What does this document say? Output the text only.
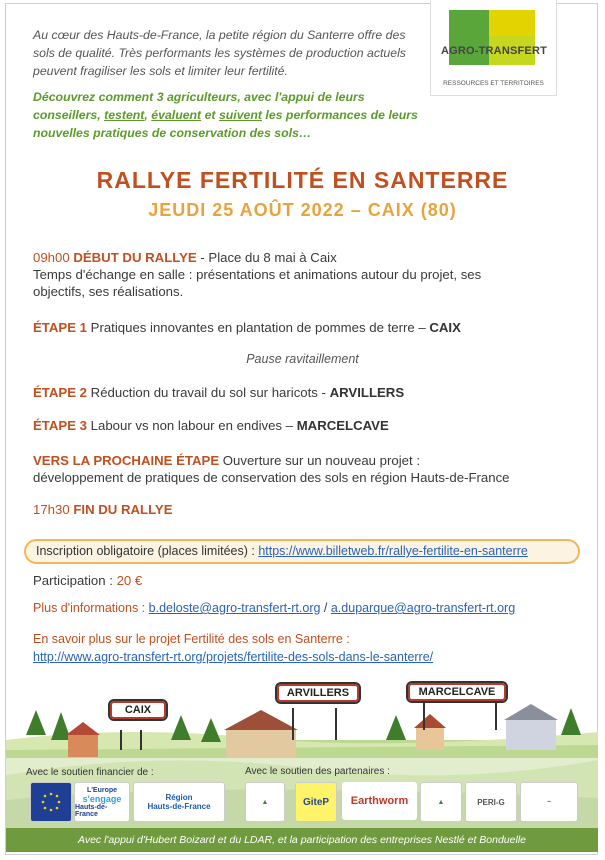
AGRO-TRANSFERT
RESSOURCES ET TERRITOIRES
Au cœur des Hauts-de-France, la petite région du Santerre offre des sols de qualité. Très performants les systèmes de production actuels peuvent fragiliser les sols et limiter leur fertilité.
Découvrez comment 3 agriculteurs, avec l'appui de leurs conseillers, testent, évaluent et suivent les performances de leurs nouvelles pratiques de conservation des sols…
RALLYE FERTILITÉ EN SANTERRE
JEUDI 25 AOÛT 2022 – CAIX (80)
09h00 DÉBUT DU RALLYE - Place du 8 mai à Caix
Temps d'échange en salle : présentations et animations autour du projet, ses objectifs, ses réalisations.
ÉTAPE 1 Pratiques innovantes en plantation de pommes de terre – CAIX
Pause ravitaillement
ÉTAPE 2 Réduction du travail du sol sur haricots - ARVILLERS
ÉTAPE 3 Labour vs non labour en endives – MARCELCAVE
VERS LA PROCHAINE ÉTAPE Ouverture sur un nouveau projet :
développement de pratiques de conservation des sols en région Hauts-de-France
17h30 FIN DU RALLYE
Inscription obligatoire (places limitées) : https://www.billetweb.fr/rallye-fertilite-en-santerre
Participation : 20 €
Plus d'informations : b.deloste@agro-transfert-rt.org / a.duparque@agro-transfert-rt.org
En savoir plus sur le projet Fertilité des sols en Santerre :
http://www.agro-transfert-rt.org/projets/fertilite-des-sols-dans-le-santerre/
CAIX
ARVILLERS	MARCELCAVE
Avec le soutien financier de :	Avec le soutien des partenaires :
L'Europe
s'engage
Hauts-de-France
Région
Hauts-de-France	▲	GiteP	Earthworm	▲	PERI-G	~
Avec l'appui d'Hubert Boizard et du LDAR, et la participation des entreprises Nestlé et Bonduelle
